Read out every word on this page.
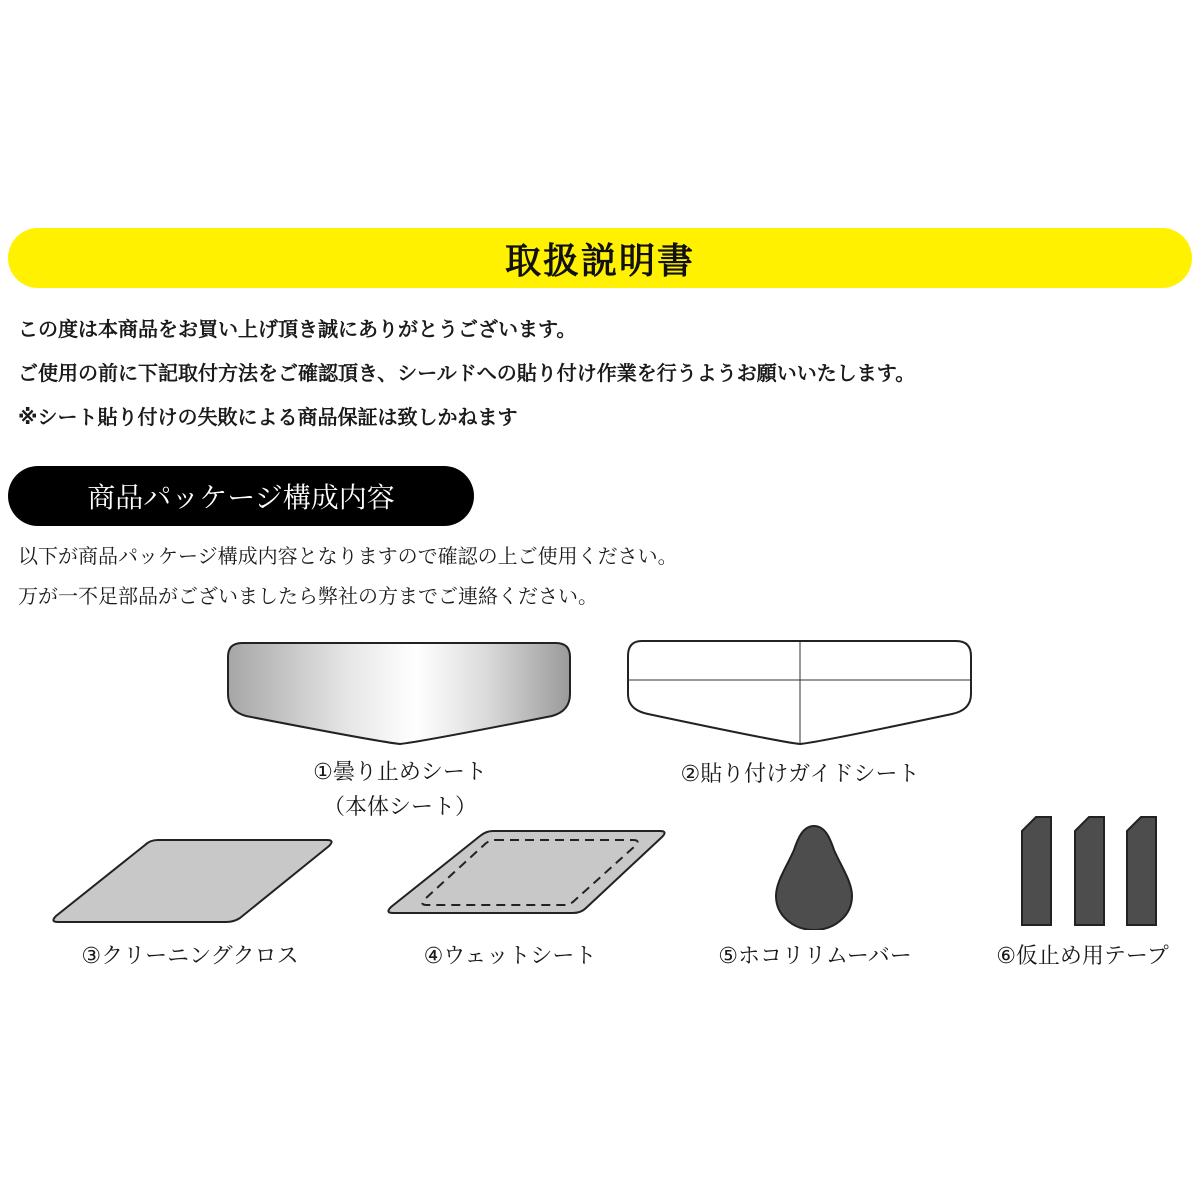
取扱説明書

この度は本商品をお買い上げ頂き誠にありがとうございます。

ご使用の前に下記取付方法をご確認頂き、シールドへの貼り付け作業を行うようお願いいたします。

※シート貼り付けの失敗による商品保証は致しかねます

商品パッケージ構成内容

以下が商品パッケージ構成内容となりますので確認の上ご使用ください。

万が一不足部品がございましたら弊社の方までご連絡ください。

①曇り止めシート
（本体シート）
②貼り付けガイドシート
③クリーニングクロス	④ウェットシート	⑤ホコリリムーバー	⑥仮止め用テープ
